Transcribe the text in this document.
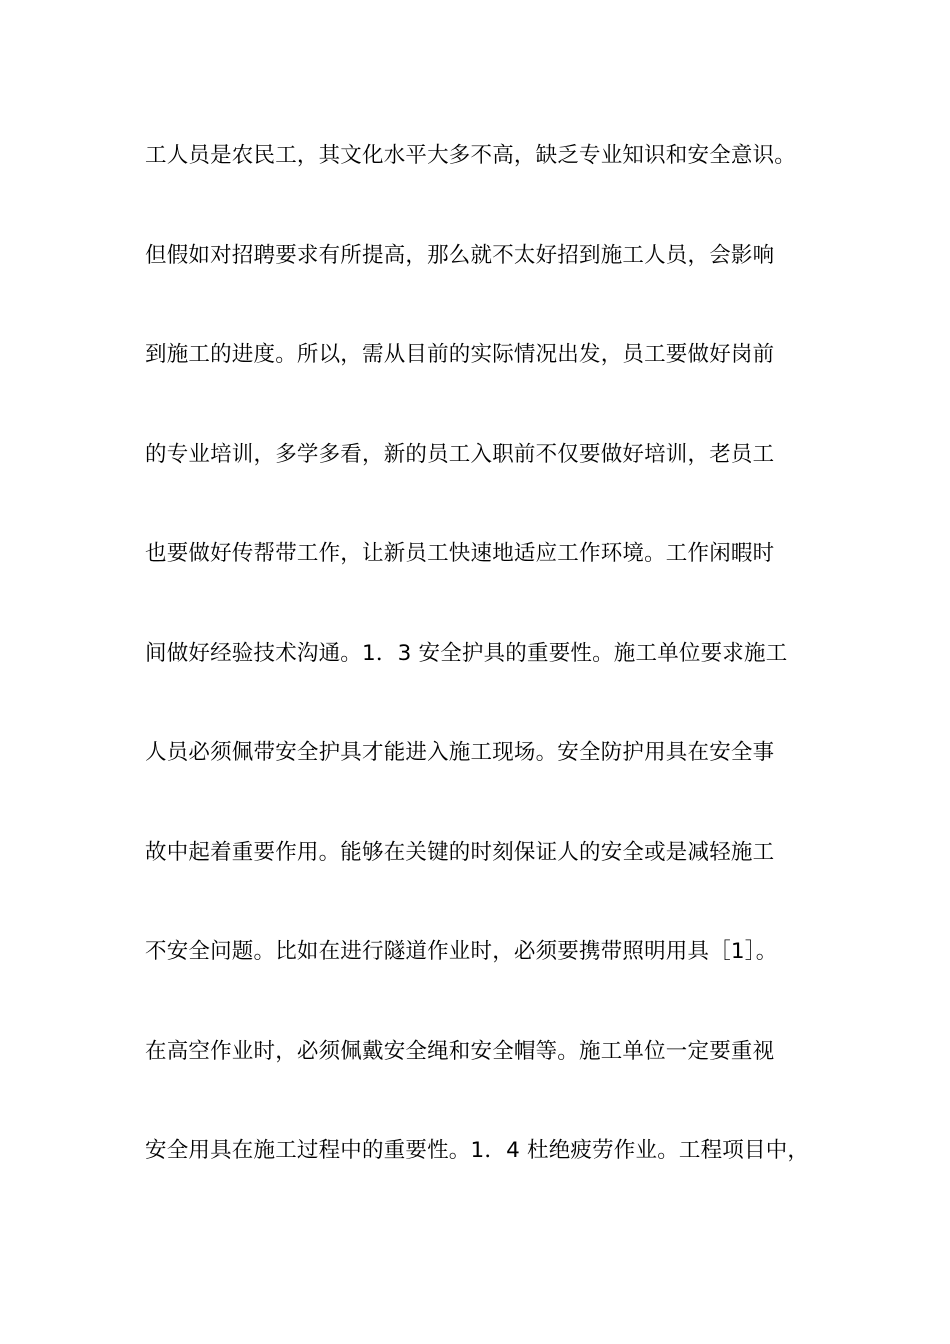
工人员是农民工，其文化水平大多不高，缺乏专业知识和安全意识。
但假如对招聘要求有所提高，那么就不太好招到施工人员，会影响
到施工的进度。所以，需从目前的实际情况出发，员工要做好岗前
的专业培训，多学多看，新的员工入职前不仅要做好培训，老员工
也要做好传帮带工作，让新员工快速地适应工作环境。工作闲暇时
间做好经验技术沟通。1．3 安全护具的重要性。施工单位要求施工
人员必须佩带安全护具才能进入施工现场。安全防护用具在安全事
故中起着重要作用。能够在关键的时刻保证人的安全或是减轻施工
不安全问题。比如在进行隧道作业时，必须要携带照明用具［1］。
在高空作业时，必须佩戴安全绳和安全帽等。施工单位一定要重视
安全用具在施工过程中的重要性。1．4 杜绝疲劳作业。工程项目中，
